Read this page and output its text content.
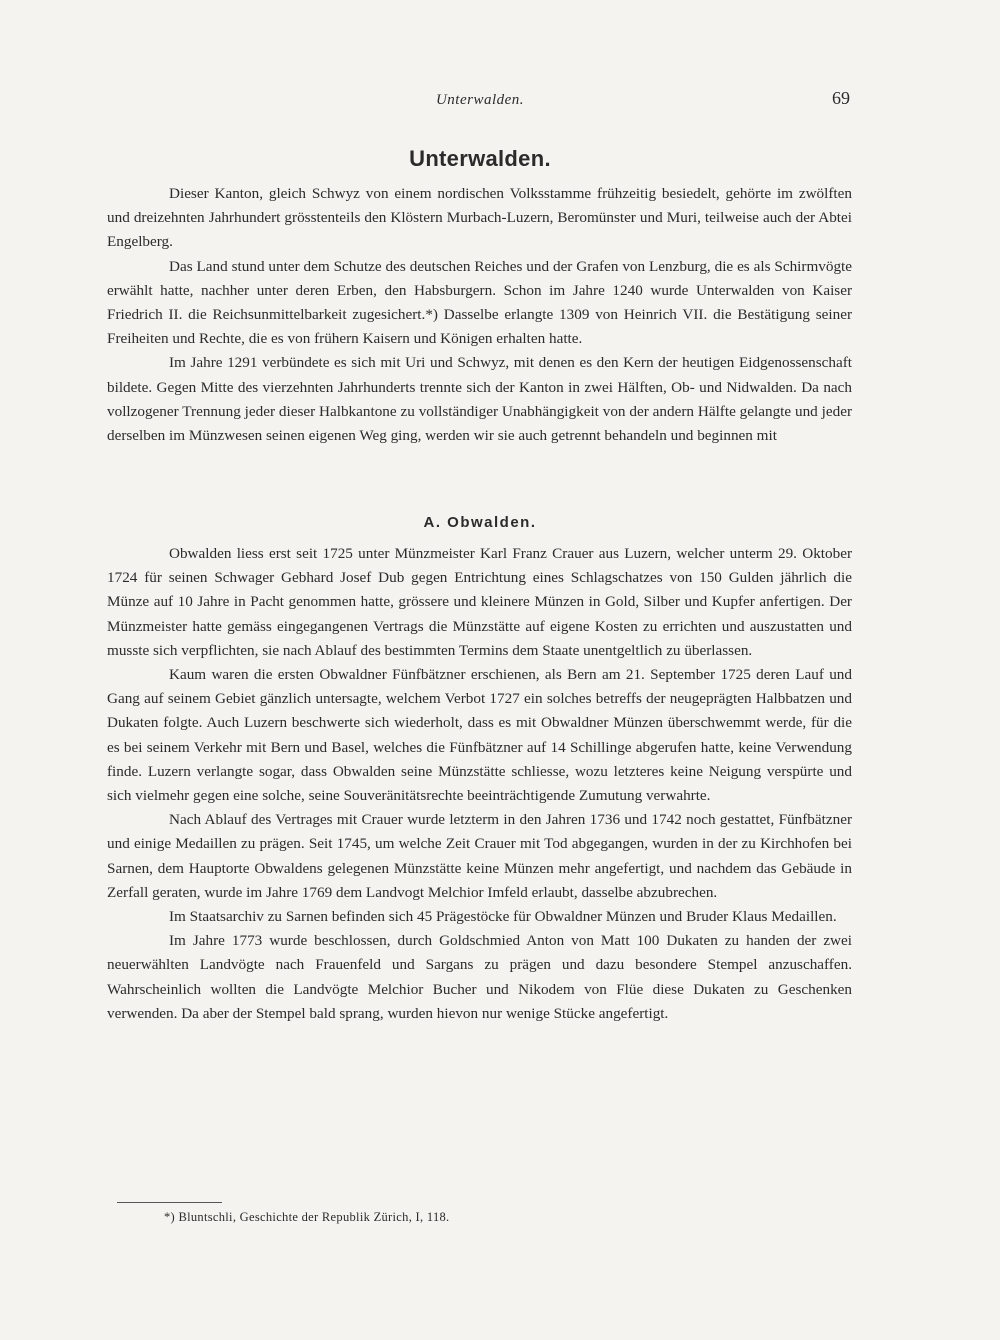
Unterwalden.	69
Unterwalden.

Dieser Kanton, gleich Schwyz von einem nordischen Volksstamme frühzeitig besiedelt, gehörte im zwölften und dreizehnten Jahrhundert grösstenteils den Klöstern Murbach-Luzern, Beromünster und Muri, teilweise auch der Abtei Engelberg.

Das Land stund unter dem Schutze des deutschen Reiches und der Grafen von Lenzburg, die es als Schirmvögte erwählt hatte, nachher unter deren Erben, den Habsburgern. Schon im Jahre 1240 wurde Unterwalden von Kaiser Friedrich II. die Reichsunmittelbarkeit zugesichert.*) Dasselbe erlangte 1309 von Heinrich VII. die Bestätigung seiner Freiheiten und Rechte, die es von frühern Kaisern und Königen erhalten hatte.

Im Jahre 1291 verbündete es sich mit Uri und Schwyz, mit denen es den Kern der heutigen Eidgenossenschaft bildete. Gegen Mitte des vierzehnten Jahrhunderts trennte sich der Kanton in zwei Hälften, Ob- und Nidwalden. Da nach vollzogener Trennung jeder dieser Halbkantone zu vollständiger Unabhängigkeit von der andern Hälfte gelangte und jeder derselben im Münzwesen seinen eigenen Weg ging, werden wir sie auch getrennt behandeln und beginnen mit

A. Obwalden.

Obwalden liess erst seit 1725 unter Münzmeister Karl Franz Crauer aus Luzern, welcher unterm 29. Oktober 1724 für seinen Schwager Gebhard Josef Dub gegen Entrichtung eines Schlagschatzes von 150 Gulden jährlich die Münze auf 10 Jahre in Pacht genommen hatte, grössere und kleinere Münzen in Gold, Silber und Kupfer anfertigen. Der Münzmeister hatte gemäss eingegangenen Vertrags die Münzstätte auf eigene Kosten zu errichten und auszustatten und musste sich verpflichten, sie nach Ablauf des bestimmten Termins dem Staate unentgeltlich zu überlassen.

Kaum waren die ersten Obwaldner Fünfbätzner erschienen, als Bern am 21. September 1725 deren Lauf und Gang auf seinem Gebiet gänzlich untersagte, welchem Verbot 1727 ein solches betreffs der neugeprägten Halbbatzen und Dukaten folgte. Auch Luzern beschwerte sich wiederholt, dass es mit Obwaldner Münzen überschwemmt werde, für die es bei seinem Verkehr mit Bern und Basel, welches die Fünfbätzner auf 14 Schillinge abgerufen hatte, keine Verwendung finde. Luzern verlangte sogar, dass Obwalden seine Münzstätte schliesse, wozu letzteres keine Neigung verspürte und sich vielmehr gegen eine solche, seine Souveränitätsrechte beeinträchtigende Zumutung verwahrte.

Nach Ablauf des Vertrages mit Crauer wurde letzterm in den Jahren 1736 und 1742 noch gestattet, Fünfbätzner und einige Medaillen zu prägen. Seit 1745, um welche Zeit Crauer mit Tod abgegangen, wurden in der zu Kirchhofen bei Sarnen, dem Hauptorte Obwaldens gelegenen Münzstätte keine Münzen mehr angefertigt, und nachdem das Gebäude in Zerfall geraten, wurde im Jahre 1769 dem Landvogt Melchior Imfeld erlaubt, dasselbe abzubrechen.

Im Staatsarchiv zu Sarnen befinden sich 45 Prägestöcke für Obwaldner Münzen und Bruder Klaus Medaillen.

Im Jahre 1773 wurde beschlossen, durch Goldschmied Anton von Matt 100 Dukaten zu handen der zwei neuerwählten Landvögte nach Frauenfeld und Sargans zu prägen und dazu besondere Stempel anzuschaffen. Wahrscheinlich wollten die Landvögte Melchior Bucher und Nikodem von Flüe diese Dukaten zu Geschenken verwenden. Da aber der Stempel bald sprang, wurden hievon nur wenige Stücke angefertigt.

*) Bluntschli, Geschichte der Republik Zürich, I, 118.
